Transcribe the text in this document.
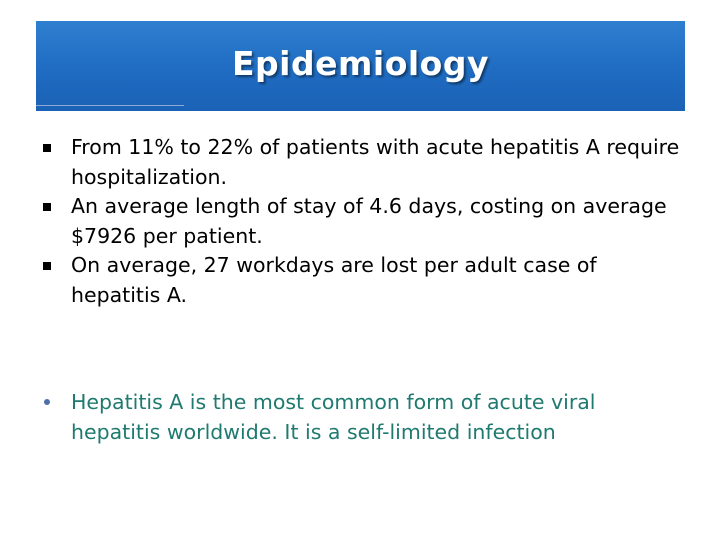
Epidemiology
From 11% to 22% of patients with acute hepatitis A require hospitalization.
An average length of stay of 4.6 days, costing on average $7926 per patient.
On average, 27 workdays are lost per adult case of hepatitis A.
Hepatitis A is the most common form of acute viral hepatitis worldwide. It is a self-limited infection
